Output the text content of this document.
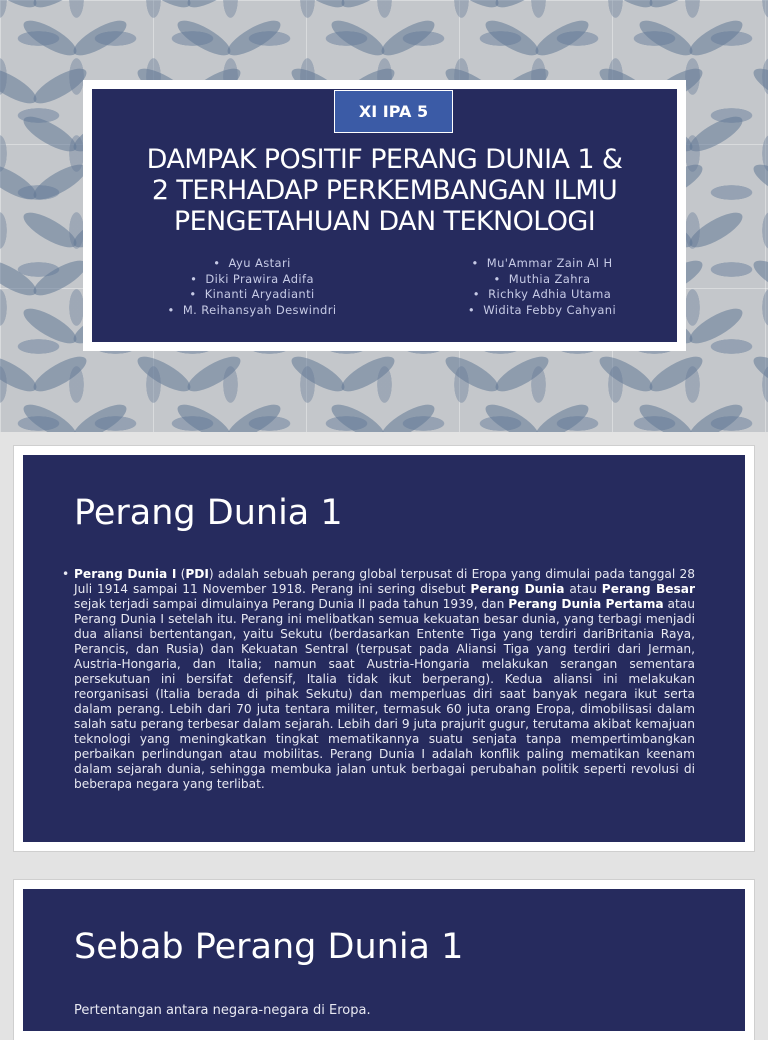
XI IPA 5
DAMPAK POSITIF PERANG DUNIA 1 &
2 TERHADAP PERKEMBANGAN ILMU
PENGETAHUAN DAN TEKNOLOGI
•  Ayu Astari
•  Diki Prawira Adifa
•  Kinanti Aryadianti
•  M. Reihansyah Deswindri
•  Mu'Ammar Zain Al H
•  Muthia Zahra
•  Richky Adhia Utama
•  Widita Febby Cahyani
Perang Dunia 1
• Perang Dunia I (PDI) adalah sebuah perang global terpusat di Eropa yang dimulai pada tanggal 28 Juli 1914 sampai 11 November 1918. Perang ini sering disebut Perang Dunia atau Perang Besar sejak terjadi sampai dimulainya Perang Dunia II pada tahun 1939, dan Perang Dunia Pertama atau Perang Dunia I setelah itu. Perang ini melibatkan semua kekuatan besar dunia, yang terbagi menjadi dua aliansi bertentangan, yaitu Sekutu (berdasarkan Entente Tiga yang terdiri dariBritania Raya, Perancis, dan Rusia) dan Kekuatan Sentral (terpusat pada Aliansi Tiga yang terdiri dari Jerman, Austria-Hongaria, dan Italia; namun saat Austria-Hongaria melakukan serangan sementara persekutuan ini bersifat defensif, Italia tidak ikut berperang). Kedua aliansi ini melakukan reorganisasi (Italia berada di pihak Sekutu) dan memperluas diri saat banyak negara ikut serta dalam perang. Lebih dari 70 juta tentara militer, termasuk 60 juta orang Eropa, dimobilisasi dalam salah satu perang terbesar dalam sejarah. Lebih dari 9 juta prajurit gugur, terutama akibat kemajuan teknologi yang meningkatkan tingkat mematikannya suatu senjata tanpa mempertimbangkan perbaikan perlindungan atau mobilitas. Perang Dunia I adalah konflik paling mematikan keenam dalam sejarah dunia, sehingga membuka jalan untuk berbagai perubahan politik seperti revolusi di beberapa negara yang terlibat.
Sebab Perang Dunia 1
Pertentangan antara negara-negara di Eropa.
